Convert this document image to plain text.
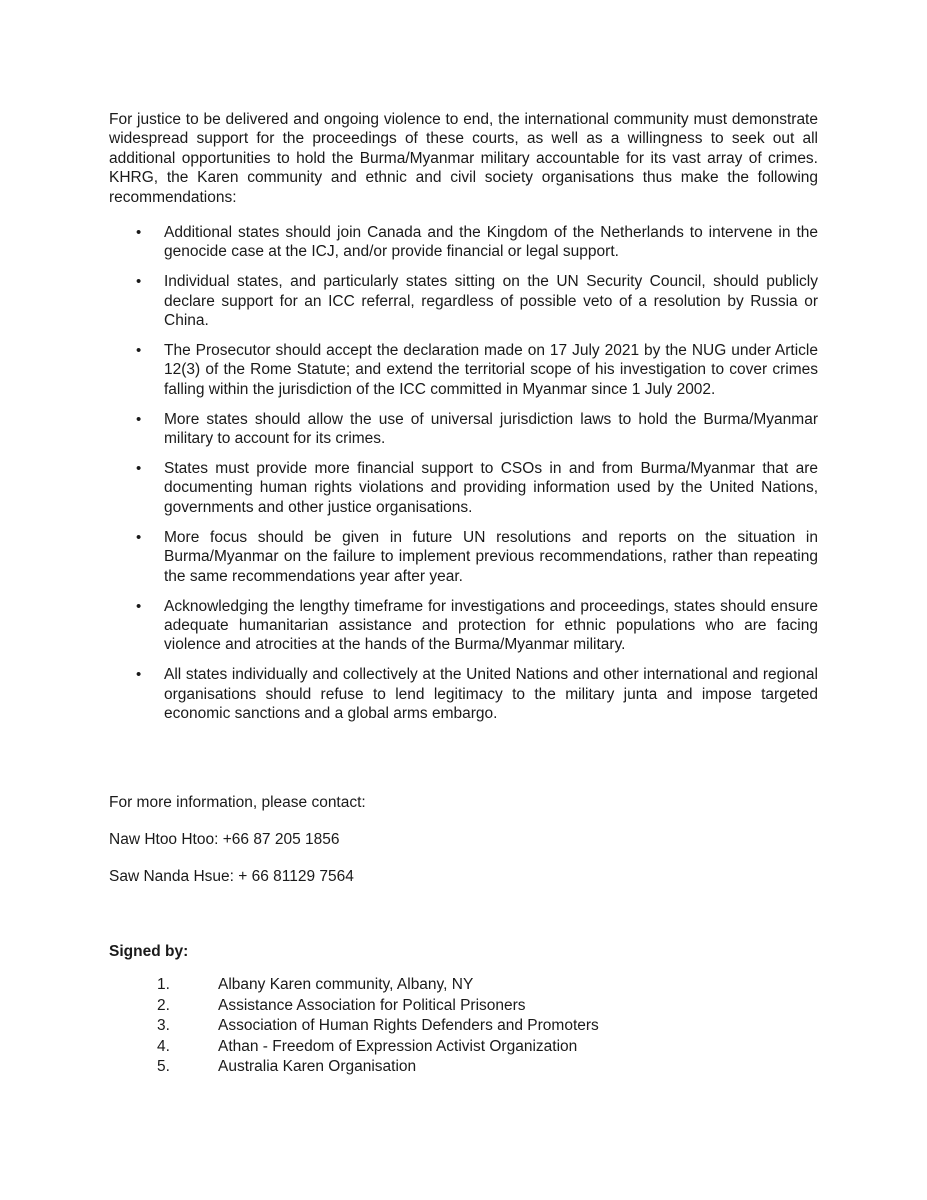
For justice to be delivered and ongoing violence to end, the international community must demonstrate widespread support for the proceedings of these courts, as well as a willingness to seek out all additional opportunities to hold the Burma/Myanmar military accountable for its vast array of crimes. KHRG, the Karen community and ethnic and civil society organisations thus make the following recommendations:

• Additional states should join Canada and the Kingdom of the Netherlands to intervene in the genocide case at the ICJ, and/or provide financial or legal support.
• Individual states, and particularly states sitting on the UN Security Council, should publicly declare support for an ICC referral, regardless of possible veto of a resolution by Russia or China.
• The Prosecutor should accept the declaration made on 17 July 2021 by the NUG under Article 12(3) of the Rome Statute; and extend the territorial scope of his investigation to cover crimes falling within the jurisdiction of the ICC committed in Myanmar since 1 July 2002.
• More states should allow the use of universal jurisdiction laws to hold the Burma/Myanmar military to account for its crimes.
• States must provide more financial support to CSOs in and from Burma/Myanmar that are documenting human rights violations and providing information used by the United Nations, governments and other justice organisations.
• More focus should be given in future UN resolutions and reports on the situation in Burma/Myanmar on the failure to implement previous recommendations, rather than repeating the same recommendations year after year.
• Acknowledging the lengthy timeframe for investigations and proceedings, states should ensure adequate humanitarian assistance and protection for ethnic populations who are facing violence and atrocities at the hands of the Burma/Myanmar military.
• All states individually and collectively at the United Nations and other international and regional organisations should refuse to lend legitimacy to the military junta and impose targeted economic sanctions and a global arms embargo.

For more information, please contact:

Naw Htoo Htoo: +66 87 205 1856

Saw Nanda Hsue: + 66 81129 7564

Signed by:

1.	Albany Karen community, Albany, NY
2.	Assistance Association for Political Prisoners
3.	Association of Human Rights Defenders and Promoters
4.	Athan - Freedom of Expression Activist Organization
5.	Australia Karen Organisation
